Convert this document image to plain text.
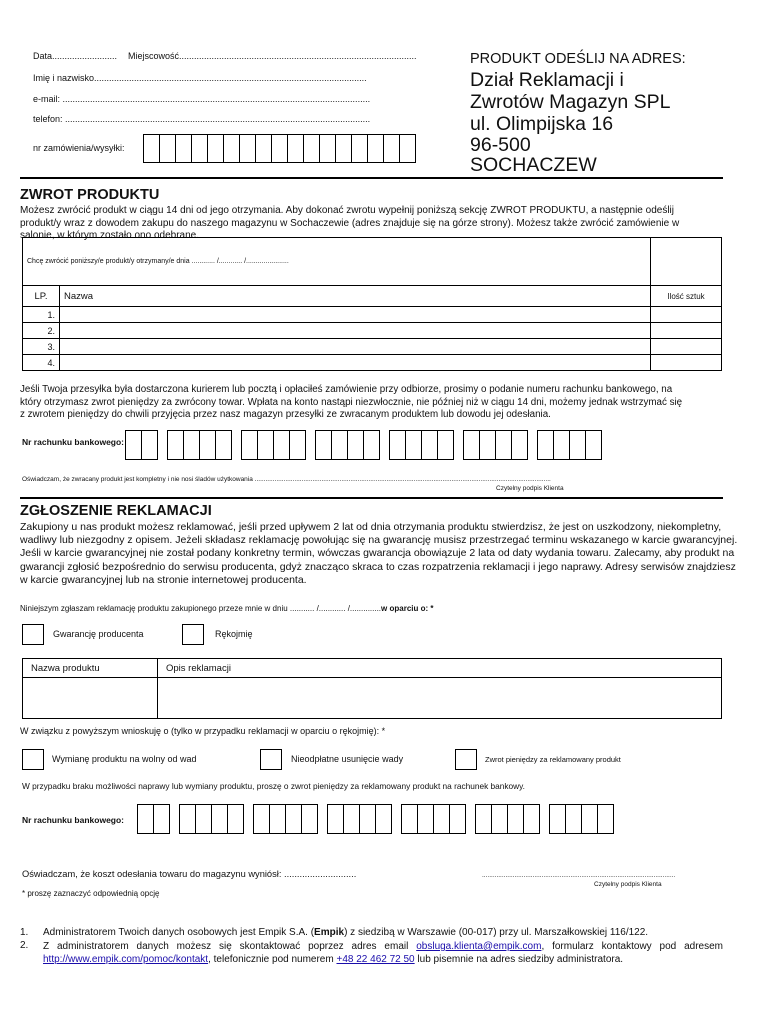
Data.......................... Miejscowość...............................................................................................
Imię i nazwisko.............................................................................................................
e-mail: ...........................................................................................................................
telefon: ..........................................................................................................................
nr zamówienia/wysyłki:
PRODUKT ODEŚLIJ NA ADRES:
Dział Reklamacji i
Zwrotów Magazyn SPL
ul. Olimpijska 16
96-500
SOCHACZEW
ZWROT PRODUKTU
Możesz zwrócić produkt w ciągu 14 dni od jego otrzymania. Aby dokonać zwrotu wypełnij poniższą sekcję ZWROT PRODUKTU, a następnie odeślij
produkt/y wraz z dowodem zakupu do naszego magazynu w Sochaczewie (adres znajduje się na górze strony). Możesz także zwrócić zamówienie w
salonie, w którym zostało ono odebrane.
Chcę zwrócić poniższy/e produkt/y otrzymany/e dnia ............ /............ /......................		
LP.	Nazwa	Ilość sztuk
1.		
2.		
3.		
4.		
Jeśli Twoja przesyłka była dostarczona kurierem lub pocztą i opłaciłeś zamówienie przy odbiorze, prosimy o podanie numeru rachunku bankowego, na
który otrzymasz zwrot pieniędzy za zwrócony towar. Wpłata na konto nastąpi niezwłocznie, nie później niż w ciągu 14 dni, możemy jednak wstrzymać się
z zwrotem pieniędzy do chwili przyjęcia przez nasz magazyn przesyłki ze zwracanym produktem lub dowodu jej odesłania.
Nr rachunku bankowego:
Oświadczam, że zwracany produkt jest kompletny i nie nosi śladów użytkowania ....................................................................................................................................................................
Czytelny podpis Klienta
ZGŁOSZENIE REKLAMACJI
Zakupiony u nas produkt możesz reklamować, jeśli przed upływem 2 lat od dnia otrzymania produktu stwierdzisz, że jest on uszkodzony, niekompletny,
wadliwy lub niezgodny z opisem. Jeżeli składasz reklamację powołując się na gwarancję musisz przestrzegać terminu wskazanego w karcie gwarancyjnej.
Jeśli w karcie gwarancyjnej nie został podany konkretny termin, wówczas gwarancja obowiązuje 2 lata od daty wydania towaru. Zalecamy, aby produkt na
gwarancji zgłosić bezpośrednio do serwisu producenta, gdyż znacząco skraca to czas rozpatrzenia reklamacji i jego naprawy. Adresy serwisów znajdziesz
w karcie gwarancyjnej lub na stronie internetowej producenta.
Niniejszym zgłaszam reklamację produktu zakupionego przeze mnie w dniu ........... /............ /..............w oparciu o: *
Gwarancję producenta	Rękojmię
Nazwa produktu	Opis reklamacji

W związku z powyższym wnioskuję o (tylko w przypadku reklamacji w oparciu o rękojmię): *
Wymianę produktu na wolny od wad	Nieodpłatne usunięcie wady	Zwrot pieniędzy za reklamowany produkt
W przypadku braku możliwości naprawy lub wymiany produktu, proszę o zwrot pieniędzy za reklamowany produkt na rachunek bankowy.
Nr rachunku bankowego:
Oświadczam, że koszt odesłania towaru do magazynu wyniósł: ............................	...........................................................................................................
Czytelny podpis Klienta
* proszę zaznaczyć odpowiednią opcję
1. Administratorem Twoich danych osobowych jest Empik S.A. (Empik) z siedzibą w Warszawie (00-017) przy ul. Marszałkowskiej 116/122.
2. Z administratorem danych możesz się skontaktować poprzez adres email obsluga.klienta@empik.com, formularz kontaktowy pod adresem http://www.empik.com/pomoc/kontakt, telefonicznie pod numerem +48 22 462 72 50 lub pisemnie na adres siedziby administratora.
